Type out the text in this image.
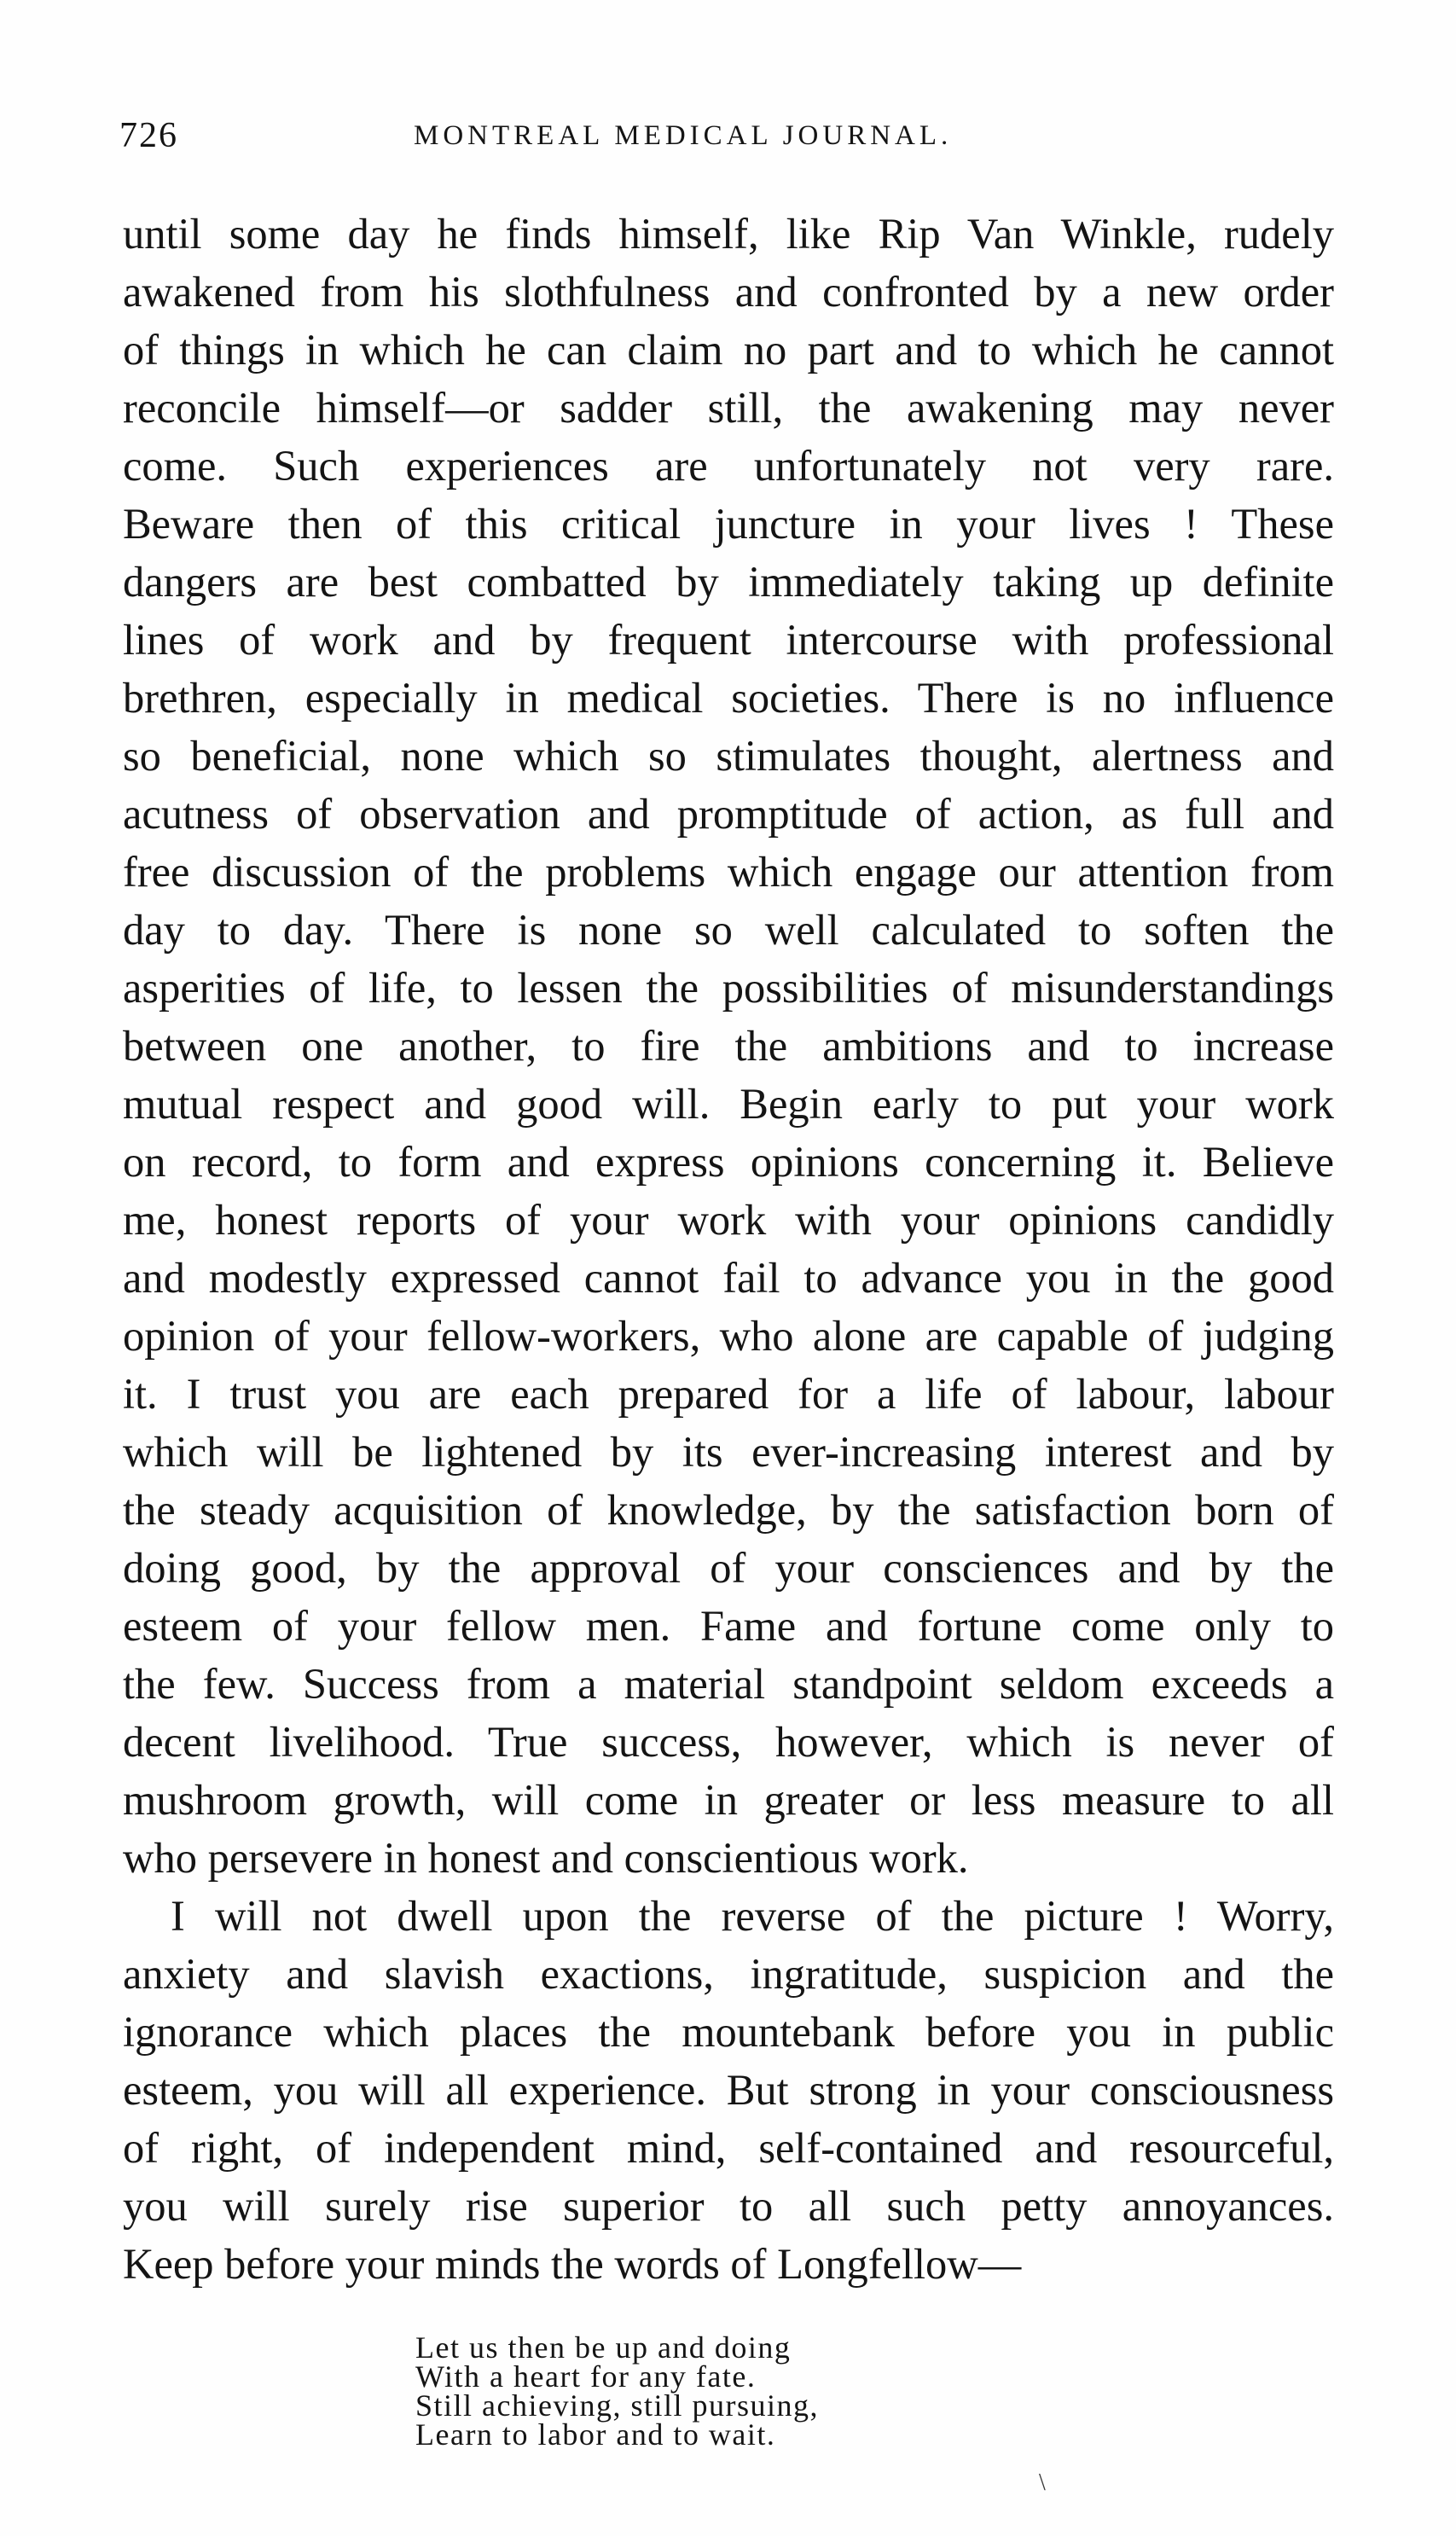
726	MONTREAL MEDICAL JOURNAL.
until some day he finds himself, like Rip Van Winkle, rudely
awakened from his slothfulness and confronted by a new order
of things in which he can claim no part and to which he cannot
reconcile himself—or sadder still, the awakening may never
come. Such experiences are unfortunately not very rare.
Beware then of this critical juncture in your lives ! These
dangers are best combatted by immediately taking up definite
lines of work and by frequent intercourse with professional
brethren, especially in medical societies. There is no influence
so beneficial, none which so stimulates thought, alertness and
acutness of observation and promptitude of action, as full and
free discussion of the problems which engage our attention from
day to day. There is none so well calculated to soften the
asperities of life, to lessen the possibilities of misunderstandings
between one another, to fire the ambitions and to increase
mutual respect and good will. Begin early to put your work
on record, to form and express opinions concerning it. Believe
me, honest reports of your work with your opinions candidly
and modestly expressed cannot fail to advance you in the good
opinion of your fellow-workers, who alone are capable of judging
it. I trust you are each prepared for a life of labour, labour
which will be lightened by its ever-increasing interest and by
the steady acquisition of knowledge, by the satisfaction born of
doing good, by the approval of your consciences and by the
esteem of your fellow men. Fame and fortune come only to
the few. Success from a material standpoint seldom exceeds a
decent livelihood. True success, however, which is never of
mushroom growth, will come in greater or less measure to all
who persevere in honest and conscientious work.
I will not dwell upon the reverse of the picture ! Worry,
anxiety and slavish exactions, ingratitude, suspicion and the
ignorance which places the mountebank before you in public
esteem, you will all experience. But strong in your consciousness
of right, of independent mind, self-contained and resourceful,
you will surely rise superior to all such petty annoyances.
Keep before your minds the words of Longfellow—
Let us then be up and doing
With a heart for any fate.
Still achieving, still pursuing,
Learn to labor and to wait.
\
